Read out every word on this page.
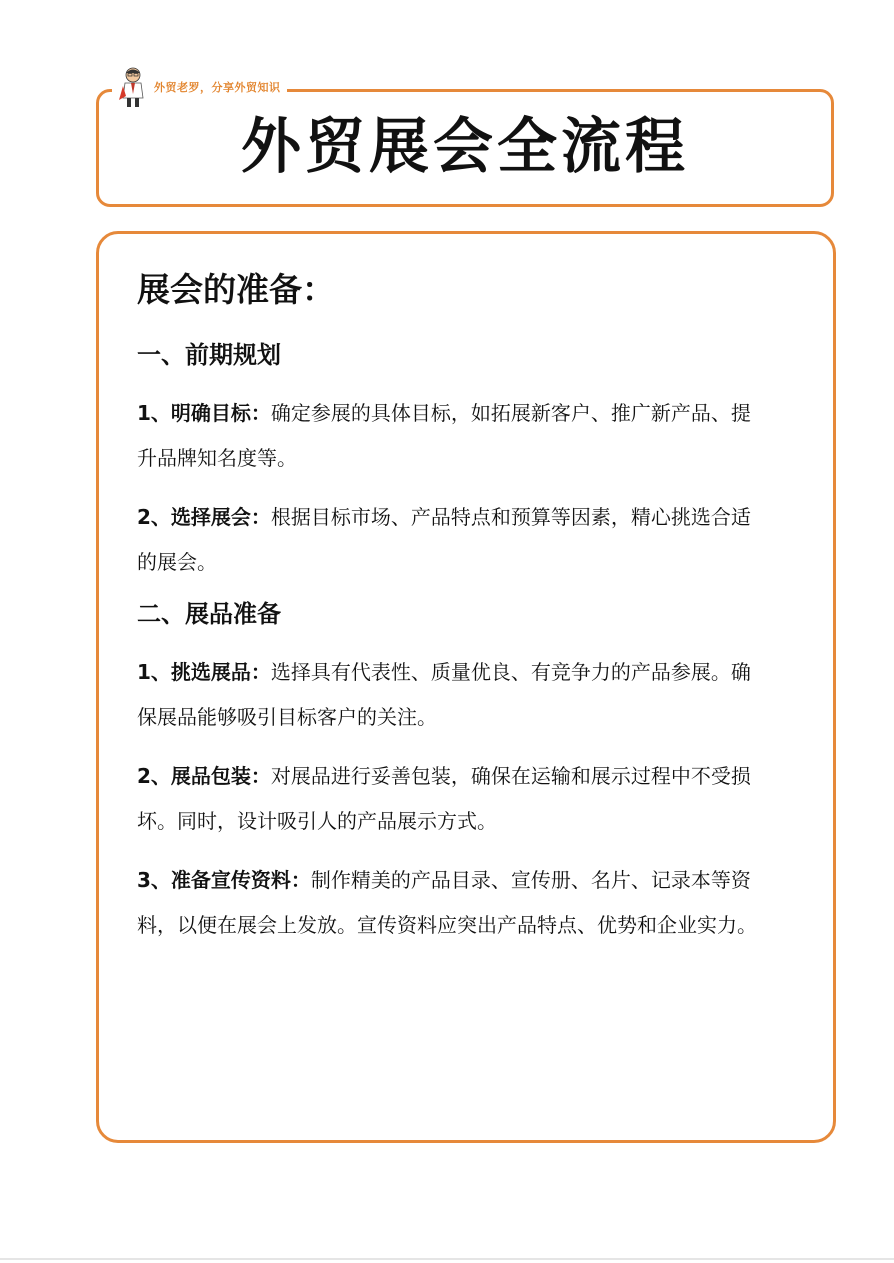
外贸老罗，分享外贸知识
外贸展会全流程
展会的准备：
一、前期规划

1、明确目标：确定参展的具体目标，如拓展新客户、推广新产品、提升品牌知名度等。

2、选择展会：根据目标市场、产品特点和预算等因素，精心挑选合适的展会。

二、展品准备

1、挑选展品：选择具有代表性、质量优良、有竞争力的产品参展。确保展品能够吸引目标客户的关注。

2、展品包装：对展品进行妥善包装，确保在运输和展示过程中不受损坏。同时，设计吸引人的产品展示方式。

3、准备宣传资料：制作精美的产品目录、宣传册、名片、记录本等资料，以便在展会上发放。宣传资料应突出产品特点、优势和企业实力。
